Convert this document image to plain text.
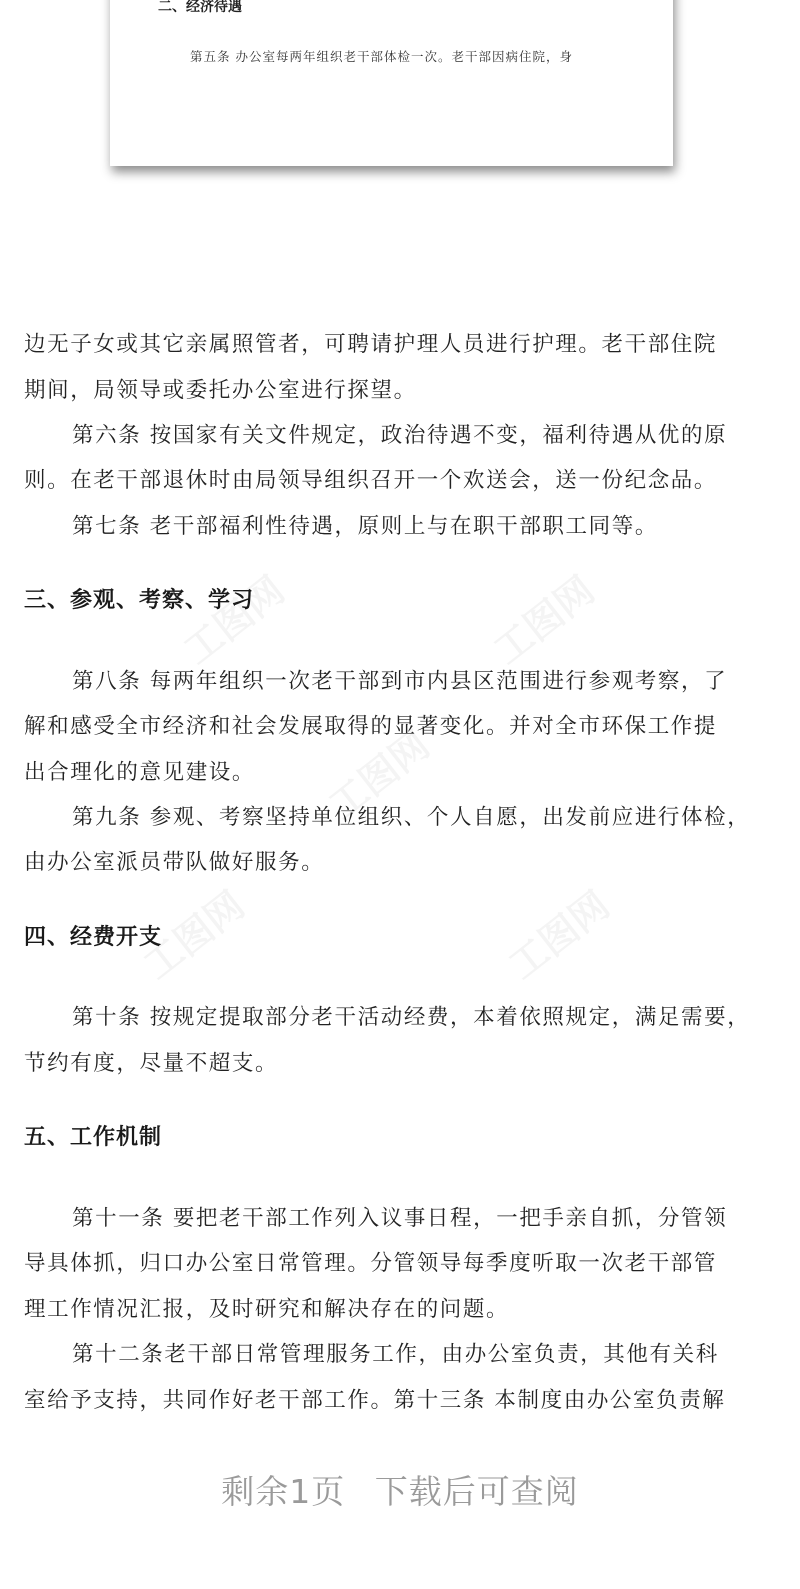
二、经济待遇
第五条 办公室每两年组织老干部体检一次。老干部因病住院，身
边无子女或其它亲属照管者，可聘请护理人员进行护理。老干部住院
期间，局领导或委托办公室进行探望。
第六条 按国家有关文件规定，政治待遇不变，福利待遇从优的原
则。在老干部退休时由局领导组织召开一个欢送会，送一份纪念品。
第七条 老干部福利性待遇，原则上与在职干部职工同等。
三、参观、考察、学习
第八条 每两年组织一次老干部到市内县区范围进行参观考察，了
解和感受全市经济和社会发展取得的显著变化。并对全市环保工作提
出合理化的意见建设。
第九条 参观、考察坚持单位组织、个人自愿，出发前应进行体检，
由办公室派员带队做好服务。
四、经费开支
第十条 按规定提取部分老干活动经费，本着依照规定，满足需要，
节约有度，尽量不超支。
五、工作机制
第十一条 要把老干部工作列入议事日程，一把手亲自抓，分管领
导具体抓，归口办公室日常管理。分管领导每季度听取一次老干部管
理工作情况汇报，及时研究和解决存在的问题。
第十二条老干部日常管理服务工作，由办公室负责，其他有关科
室给予支持，共同作好老干部工作。第十三条 本制度由办公室负责解
剩余1页 下载后可查阅
